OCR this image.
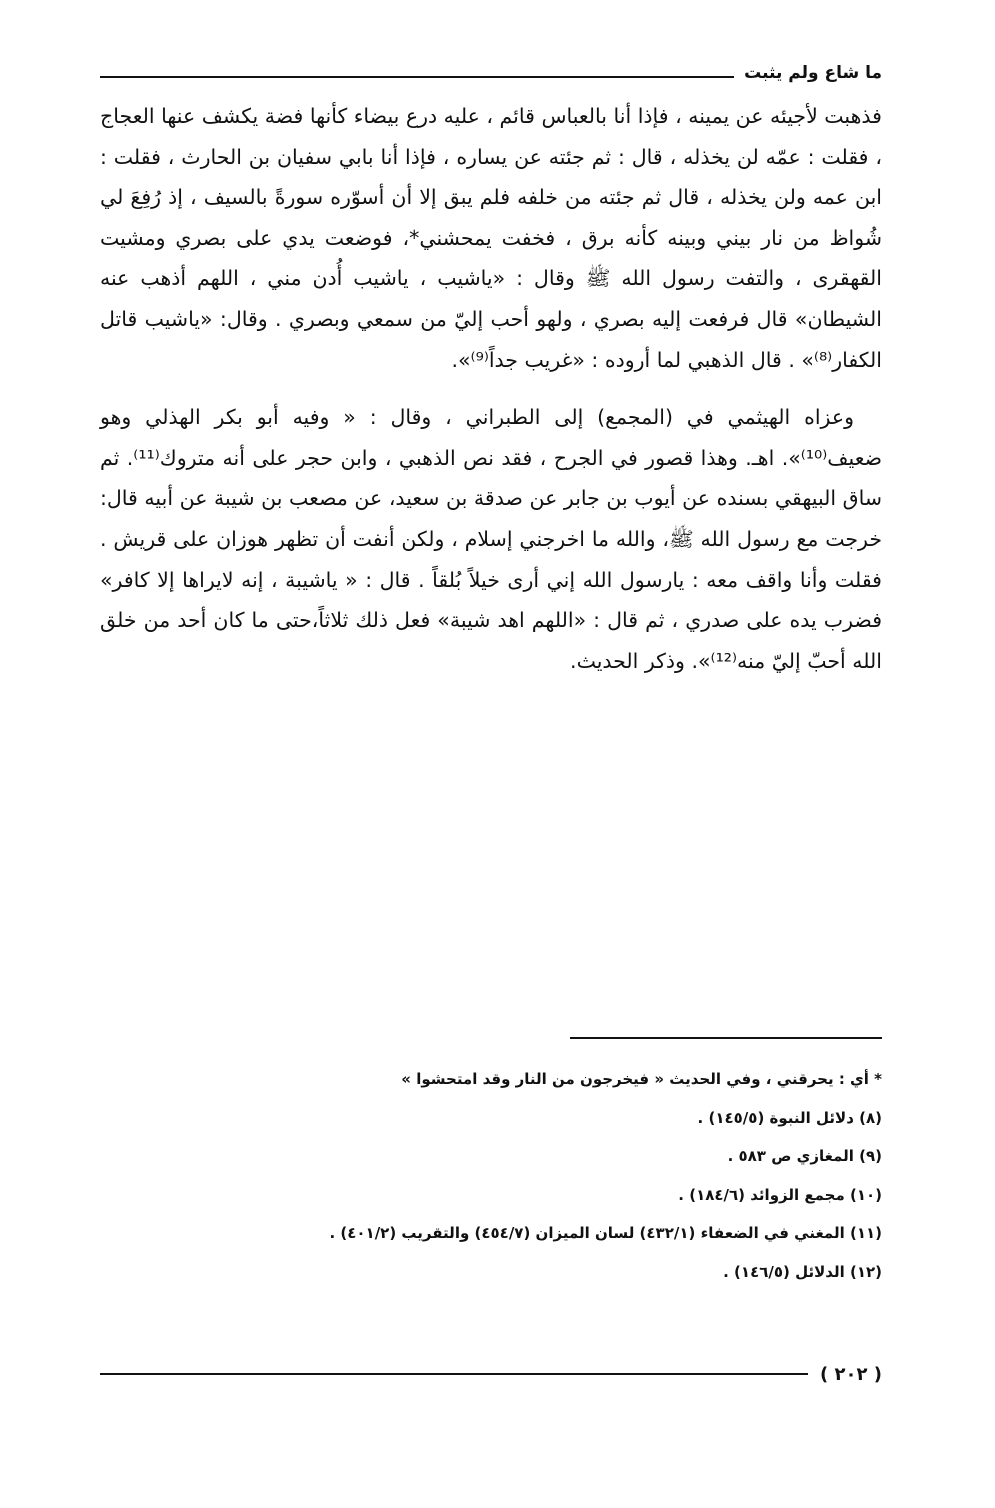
ما شاع ولم يثبت

فذهبت لأجيئه عن يمينه ، فإذا أنا بالعباس قائم ، عليه درع بيضاء كأنها فضة يكشف عنها العجاج ، فقلت : عمّه لن يخذله ، قال : ثم جئته عن يساره ، فإذا أنا بابي سفيان بن الحارث ، فقلت : ابن عمه ولن يخذله ، قال ثم جئته من خلفه فلم يبق إلا أن أسوّره سورةً بالسيف ، إذ رُفِعَ لي شُواظ من نار بيني وبينه كأنه برق ، فخفت يمحشني*، فوضعت يدي على بصري ومشيت القهقرى ، والتفت رسول الله ﷺ وقال : «ياشيب ، ياشيب أُدن مني ، اللهم أذهب عنه الشيطان» قال فرفعت إليه بصري ، ولهو أحب إليّ من سمعي وبصري . وقال: «ياشيب قاتل الكفار⁽⁸⁾» . قال الذهبي لما أروده : «غريب جداً⁽⁹⁾».

وعزاه الهيثمي في (المجمع) إلى الطبراني ، وقال : « وفيه أبو بكر الهذلي وهو ضعيف⁽¹⁰⁾». اهـ. وهذا قصور في الجرح ، فقد نص الذهبي ، وابن حجر على أنه متروك⁽¹¹⁾. ثم ساق البيهقي بسنده عن أيوب بن جابر عن صدقة بن سعيد، عن مصعب بن شيبة عن أبيه قال: خرجت مع رسول الله ﷺ، والله ما اخرجني إسلام ، ولكن أنفت أن تظهر هوزان على قريش . فقلت وأنا واقف معه : يارسول الله إني أرى خيلاً بُلقاً . قال : « ياشيبة ، إنه لايراها إلا كافر» فضرب يده على صدري ، ثم قال : «اللهم اهد شيبة» فعل ذلك ثلاثاً،حتى ما كان أحد من خلق الله أحبّ إليّ منه⁽¹²⁾». وذكر الحديث.

* أي : يحرقني ، وفي الحديث « فيخرجون من النار وقد امتحشوا »
(٨) دلائل النبوة (١٤٥/٥) .
(٩) المغازي ص ٥٨٣ .
(١٠) مجمع الزوائد (١٨٤/٦) .
(١١) المغني في الضعفاء (٤٣٢/١) لسان الميزان (٤٥٤/٧) والتقريب (٤٠١/٢) .
(١٢) الدلائل (١٤٦/٥) .
( ٢٠٢ )
